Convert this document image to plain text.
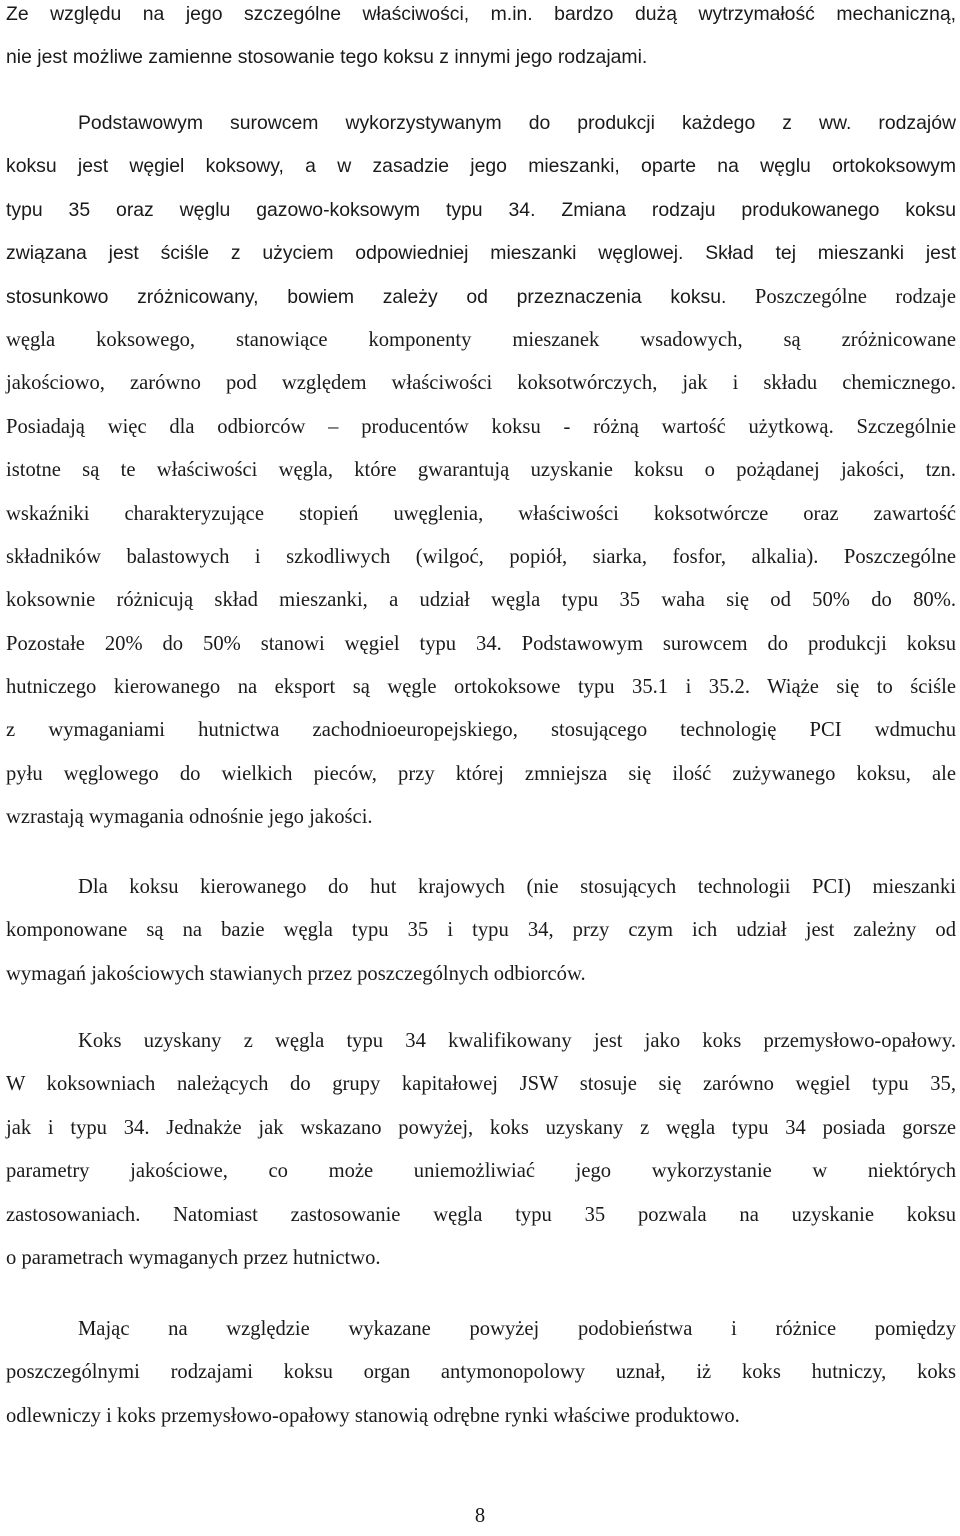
Ze względu na jego szczególne właściwości, m.in. bardzo dużą wytrzymałość mechaniczną,
nie jest możliwe zamienne stosowanie tego koksu z innymi jego rodzajami.
Podstawowym surowcem wykorzystywanym do produkcji każdego z ww. rodzajów
koksu jest węgiel koksowy, a w zasadzie jego mieszanki, oparte na węglu ortokoksowym
typu 35 oraz węglu gazowo-koksowym typu 34. Zmiana rodzaju produkowanego koksu
związana jest ściśle z użyciem odpowiedniej mieszanki węglowej. Skład tej mieszanki jest
stosunkowo zróżnicowany, bowiem zależy od przeznaczenia koksu. Poszczególne rodzaje
węgla koksowego, stanowiące komponenty mieszanek wsadowych, są zróżnicowane
jakościowo, zarówno pod względem właściwości koksotwórczych, jak i składu chemicznego.
Posiadają więc dla odbiorców – producentów koksu - różną wartość użytkową. Szczególnie
istotne są te właściwości węgla, które gwarantują uzyskanie koksu o pożądanej jakości, tzn.
wskaźniki charakteryzujące stopień uwęglenia, właściwości koksotwórcze oraz zawartość
składników balastowych i szkodliwych (wilgoć, popiół, siarka, fosfor, alkalia). Poszczególne
koksownie różnicują skład mieszanki, a udział węgla typu 35 waha się od 50% do 80%.
Pozostałe 20% do 50% stanowi węgiel typu 34. Podstawowym surowcem do produkcji koksu
hutniczego kierowanego na eksport są węgle ortokoksowe typu 35.1 i 35.2. Wiąże się to ściśle
z wymaganiami hutnictwa zachodnioeuropejskiego, stosującego technologię PCI wdmuchu
pyłu węglowego do wielkich pieców, przy której zmniejsza się ilość zużywanego koksu, ale
wzrastają wymagania odnośnie jego jakości.
Dla koksu kierowanego do hut krajowych (nie stosujących technologii PCI) mieszanki
komponowane są na bazie węgla typu 35 i typu 34, przy czym ich udział jest zależny od
wymagań jakościowych stawianych przez poszczególnych odbiorców.
Koks uzyskany z węgla typu 34 kwalifikowany jest jako koks przemysłowo-opałowy.
W koksowniach należących do grupy kapitałowej JSW stosuje się zarówno węgiel typu 35,
jak i typu 34. Jednakże jak wskazano powyżej, koks uzyskany z węgla typu 34 posiada gorsze
parametry jakościowe, co może uniemożliwiać jego wykorzystanie w niektórych
zastosowaniach. Natomiast zastosowanie węgla typu 35 pozwala na uzyskanie koksu
o parametrach wymaganych przez hutnictwo.
Mając na względzie wykazane powyżej podobieństwa i różnice pomiędzy
poszczególnymi rodzajami koksu organ antymonopolowy uznał, iż koks hutniczy, koks
odlewniczy i koks przemysłowo-opałowy stanowią odrębne rynki właściwe produktowo.
8
